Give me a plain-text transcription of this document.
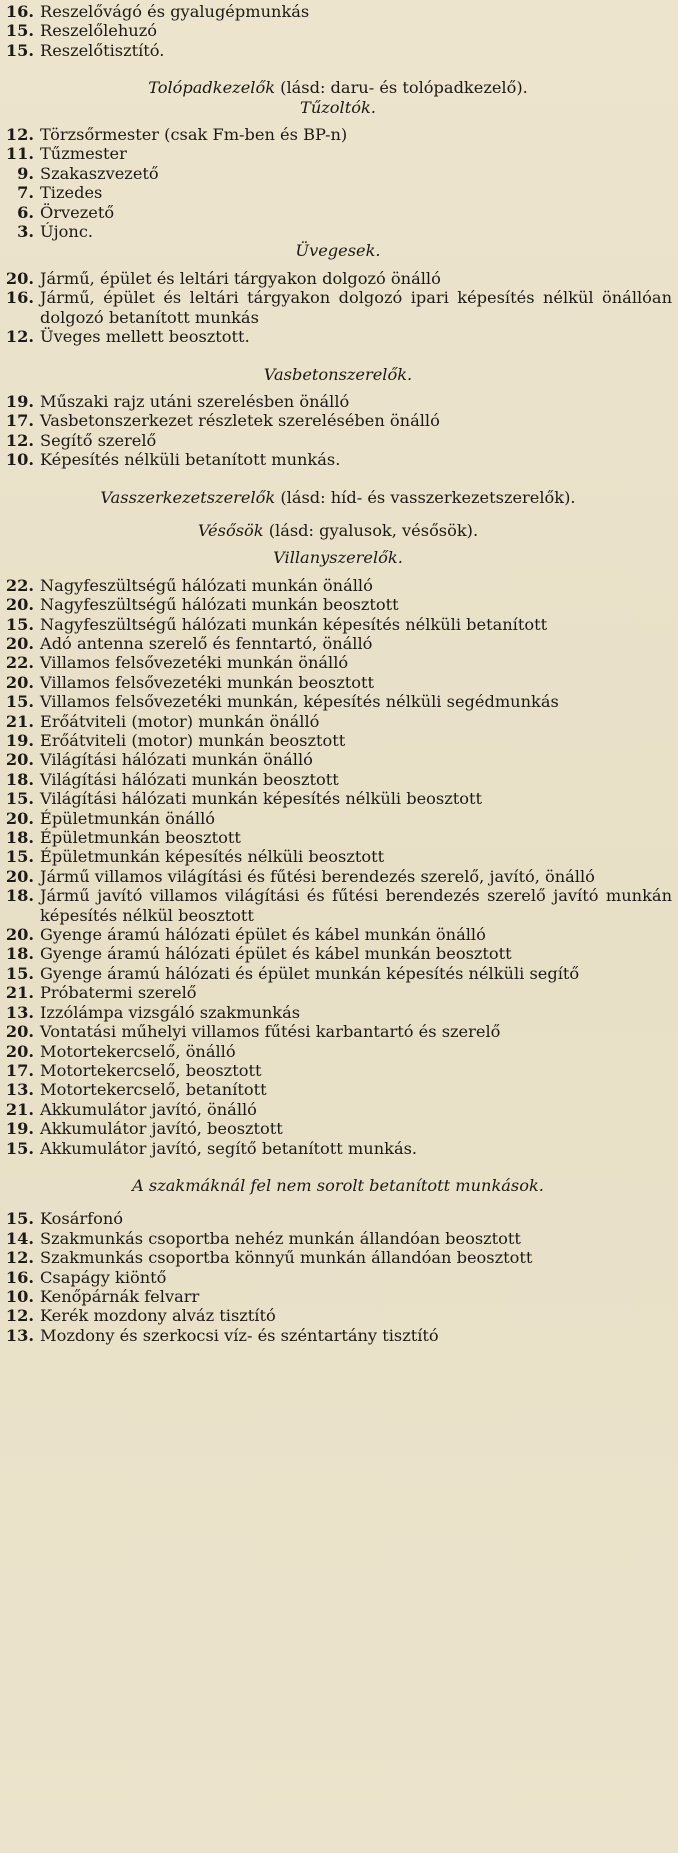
16. Reszelővágó és gyalugépmunkás
15. Reszelőlehuzó
15. Reszelőtisztító.
Tolópadkezelők (lásd: daru- és tolópadkezelő).
Tűzoltók.
12. Törzsőrmester (csak Fm-ben és BP-n)
11. Tűzmester
9. Szakaszvezető
7. Tizedes
6. Örvezető
3. Újonc.
Üvegesek.
20. Jármű, épület és leltári tárgyakon dolgozó önálló
16. Jármű, épület és leltári tárgyakon dolgozó ipari képesítés nélkül önállóan dolgozó betanított munkás
12. Üveges mellett beosztott.
Vasbetonszerelők.
19. Műszaki rajz utáni szerelésben önálló
17. Vasbetonszerkezet részletek szerelésében önálló
12. Segítő szerelő
10. Képesítés nélküli betanított munkás.
Vasszerkezetszerelők (lásd: híd- és vasszerkezetszerelők).
Vésősök (lásd: gyalusok, vésősök).
Villanyszerelők.
22. Nagyfeszültségű hálózati munkán önálló
20. Nagyfeszültségű hálózati munkán beosztott
15. Nagyfeszültségű hálózati munkán képesítés nélküli betanított
20. Adó antenna szerelő és fenntartó, önálló
22. Villamos felsővezetéki munkán önálló
20. Villamos felsővezetéki munkán beosztott
15. Villamos felsővezetéki munkán, képesítés nélküli segédmunkás
21. Erőátviteli (motor) munkán önálló
19. Erőátviteli (motor) munkán beosztott
20. Világítási hálózati munkán önálló
18. Világítási hálózati munkán beosztott
15. Világítási hálózati munkán képesítés nélküli beosztott
20. Épületmunkán önálló
18. Épületmunkán beosztott
15. Épületmunkán képesítés nélküli beosztott
20. Jármű villamos világítási és fűtési berendezés szerelő, javító, önálló
18. Jármű javító villamos világítási és fűtési berendezés szerelő javító munkán képesítés nélkül beosztott
20. Gyenge áramú hálózati épület és kábel munkán önálló
18. Gyenge áramú hálózati épület és kábel munkán beosztott
15. Gyenge áramú hálózati és épület munkán képesítés nélküli segítő
21. Próbatermi szerelő
13. Izzólámpa vizsgáló szakmunkás
20. Vontatási műhelyi villamos fűtési karbantartó és szerelő
20. Motortekercselő, önálló
17. Motortekercselő, beosztott
13. Motortekercselő, betanított
21. Akkumulátor javító, önálló
19. Akkumulátor javító, beosztott
15. Akkumulátor javító, segítő betanított munkás.
A szakmáknál fel nem sorolt betanított munkások.
15. Kosárfonó
14. Szakmunkás csoportba nehéz munkán állandóan beosztott
12. Szakmunkás csoportba könnyű munkán állandóan beosztott
16. Csapágy kiöntő
10. Kenőpárnák felvarr
12. Kerék mozdony alváz tisztító
13. Mozdony és szerkocsi víz- és széntartány tisztító
